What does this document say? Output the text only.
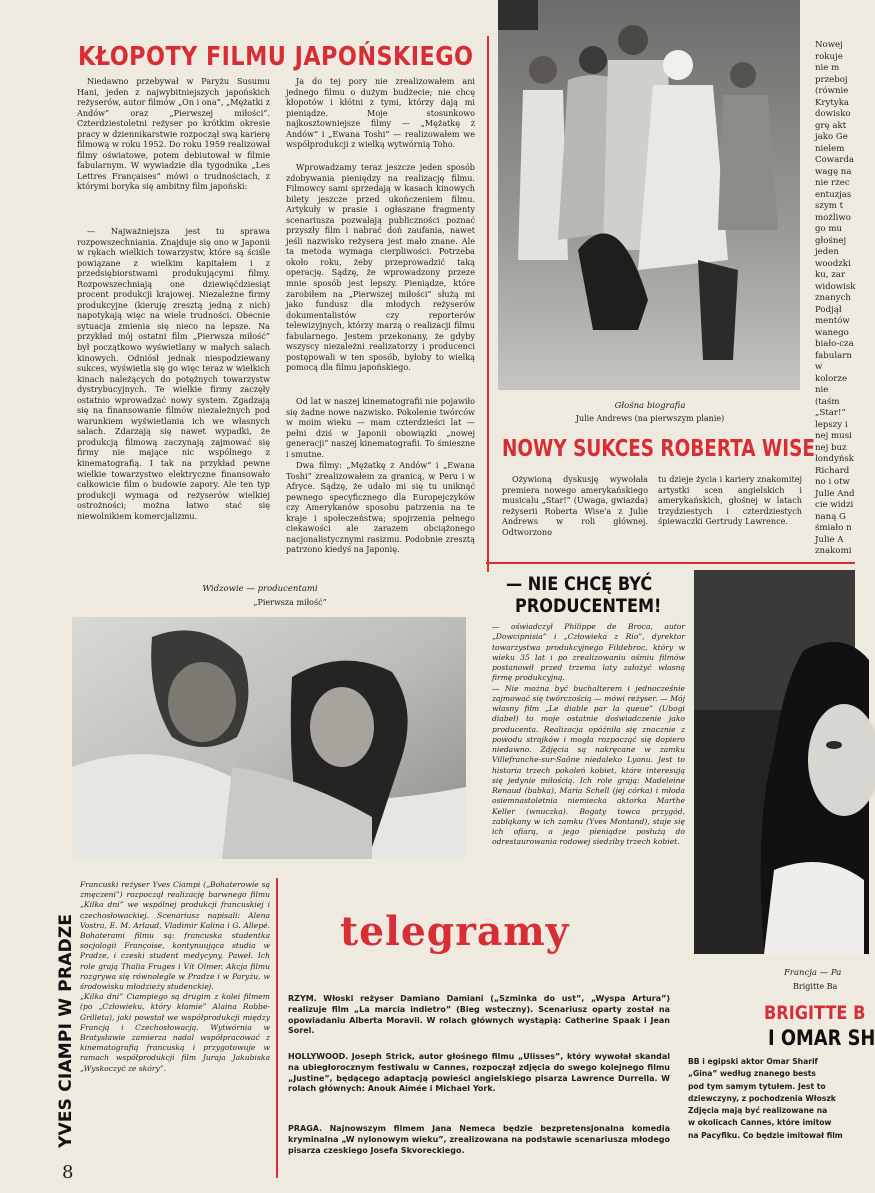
KŁOPOTY FILMU JAPOŃSKIEGO
Niedawno przebywał w Paryżu Susumu Hani, jeden z najwybitniejszych japońskich reżyserów, autor filmów „On i ona”, „Mężatki z Andów” oraz „Pierwszej miłości”. Czterdziestoletni reżyser po krótkim okresie pracy w dziennikarstwie rozpoczął swą karierę filmową w roku 1952. Do roku 1959 realizował filmy oświatowe, potem debiutował w filmie fabularnym. W wywiadzie dla tygodnika „Les Lettres Françaises” mówi o trudnościach, z którymi boryka się ambitny film japoński:
— Najważniejsza jest tu sprawa rozpowszechniania. Znajduje się ono w Japonii w rękach wielkich towarzystw, które są ściśle powiązane z wielkim kapitałem i z przedsiębiorstwami produkującymi filmy. Rozpowszechniają one dziewięćdziesiąt procent produkcji krajowej. Niezależne firmy produkcyjne (kieruję zresztą jedną z nich) napotykają więc na wiele trudności. Obecnie sytuacja zmienia się nieco na lepsze. Na przykład mój ostatni film „Pierwsza miłość” był początkowo wyświetlany w małych salach kinowych. Odniósł jednak niespodziewany sukces, wyświetla się go więc teraz w wielkich kinach należących do potężnych towarzystw dystrybucyjnych. Te wielkie firmy zaczęły ostatnio wprowadzać nowy system. Zgadzają się na finansowanie filmów niezależnych pod warunkiem wyświetlania ich we własnych salach. Zdarzają się nawet wypadki, że produkcją filmową zaczynają zajmować się firmy nie mające nic wspólnego z kinematografią. I tak na przykład pewne wielkie towarzystwo elektryczne finansowało całkowicie film o budowie zapory. Ale ten typ produkcji wymaga od reżyserów wielkiej ostrożności; można łatwo stać się niewolnikiem komercjalizmu.
Ja do tej pory nie zrealizowałem ani jednego filmu o dużym budżecie; nie chcę kłopotów i kłótni z tymi, którzy dają mi pieniądze. Moje stosunkowo najkosztowniejsze filmy — „Mężatkę z Andów” i „Ewana Toshi” — realizowałem we współprodukcji z wielką wytwórnią Toho.
Wprowadzamy teraz jeszcze jeden sposób zdobywania pieniędzy na realizację filmu. Filmowcy sami sprzedają w kasach kinowych bilety jeszcze przed ukończeniem filmu. Artykuły w prasie i ogłaszane fragmenty scenariusza pozwalają publiczności poznać przyszły film i nabrać doń zaufania, nawet jeśli nazwisko reżysera jest mało znane. Ale ta metoda wymaga cierpliwości. Potrzeba około roku, żeby przeprowadzić taką operację. Sądzę, że wprowadzony przeze mnie sposób jest lepszy. Pieniądze, które zarobiłem na „Pierwszej miłości” służą mi jako fundusz dla młodych reżyserów dokumentalistów czy reporterów telewizyjnych, którzy marzą o realizacji filmu fabularnego. Jestem przekonany, że gdyby wszyscy niezależni realizatorzy i producenci postępowali w ten sposób, byłoby to wielką pomocą dla filmu japońskiego.
Od lat w naszej kinematografii nie pojawiło się żadne nowe nazwisko. Pokolenie twórców w moim wieku — mam czterdzieści lat — pełni dziś w Japonii obowiązki „nowej generacji” naszej kinematografii. To śmieszne i smutne.
Dwa filmy: „Mężatkę z Andów” i „Ewana Toshi” zrealizowałem za granicą, w Peru i w Afryce. Sądzę, że udało mi się tu uniknąć pewnego specyficznego dla Europejczyków czy Amerykanów sposobu patrzenia na te kraje i społeczeństwa; spojrzenia pełnego ciekawości ale zarazem obciążonego nacjonalistycznymi rasizmu. Podobnie zresztą patrzono kiedyś na Japonię.
Widzowie — producentami
„Pierwsza miłość”
Głośna biografia
Julie Andrews (na pierwszym planie)
NOWY SUKCES ROBERTA WISE
Ożywioną dyskusję wywołała premiera nowego amerykańskiego musicalu „Star!” (Uwaga, gwiazda) reżyserii Roberta Wise'a z Julie Andrews w roli głównej. Odtworzono
tu dzieje życia i kariery znakomitej artystki scen angielskich i amerykańskich, głośnej w latach trzydziestych i czterdziestych śpiewaczki Gertrudy Lawrence.
Nowej
rokuje
nie m
przeboj
(równie
Krytyka
dowisko
grę akt
jako Ge
nielem
Cowarda
wagę na
nie rzec
entuzjas
szym t
możliwo
go mu
głośnej
jeden
woodzki
ku, zar
widowisk
znanych
Podjął
mentów
wanego
biało-cza
fabularn
w kolorze
nie (taśm
„Star!”
lepszy i
nej musi
nej buz
londyńsk
Richard
no i otw
Julie And
cie widzi
naną G
śmiało n
Julie A
znakomi
— NIE CHCĘ BYĆ
PRODUCENTEM!
— oświadczył Philippe de Broca, autor „Dowcipnisia” i „Człowieka z Rio”, dyrektor towarzystwa produkcyjnego Fildebroc, który w wieku 35 lat i po zrealizowaniu ośmiu filmów postanowił przed trzema laty założyć własną firmę produkcyjną.
— Nie można być buchalterem i jednocześnie zajmować się twórczością — mówi reżyser. — Mój własny film „Le diable par la queue” (Ubogi diabeł) to moje ostatnie doświadczenie jako producenta. Realizacja opóźniła się znacznie z powodu strajków i mogła rozpocząć się dopiero niedawno. Zdjęcia są nakręcane w zamku Villefranche-sur-Saône niedaleko Lyonu. Jest to historia trzech pokoleń kobiet, które interesują się jedynie miłością. Ich role grają: Madeleine Renaud (babka), Maria Schell (jej córka) i młoda osiemnastoletnia niemiecka aktorka Marthe Keller (wnuczka). Bogaty towca przygód, zabłąkany w ich zamku (Yves Montand), staje się ich ofiarą, a jego pieniądze posłużą do odrestaurowania rodowej siedziby trzech kobiet.
Francja — Pa
Brigitte Ba
BRIGITTE B
I OMAR SH
BB i egipski aktor Omar Sharif
„Gina” według znanego bests
pod tym samym tytułem. Jest to
dziewczyny, z pochodzenia Włoszk
Zdjęcia mają być realizowane na
w okolicach Cannes, które imitow
na Pacyfiku. Co będzie imitował film
YVES CIAMPI W PRADZE
Francuski reżyser Yves Ciampi („Bohaterowie są zmęczeni”) rozpoczął realizację barwnego filmu „Kilka dni” we wspólnej produkcji francuskiej i czechosłowackiej. Scenariusz napisali: Alena Vostra, E. M. Arlaud, Vladimir Kalina i G. Allepé. Bohaterami filmu są: francuska studentka socjologii Françoise, kontynuująca studia w Pradze, i czeski student medycyny, Paweł. Ich role grają Thalia Fruges i Vít Olmer. Akcja filmu rozgrywa się równolegle w Pradze i w Paryżu, w środowisku młodzieży studenckiej.
„Kilka dni” Ciampiego są drugim z kolei filmem (po „Człowieku, który kłamie” Alaina Robbe-Grilleta), jaki powstał we współprodukcji między Francją i Czechosłowacją. Wytwórnia w Bratysławie zamierza nadal współpracować z kinematografią francuską i przygotowuje w ramach współprodukcji film Juraja Jakubiska „Wyskoczyć ze skóry”.
telegramy
RZYM. Włoski reżyser Damiano Damiani („Szminka do ust”, „Wyspa Artura”) realizuje film „La marcia indietro” (Bieg wsteczny). Scenariusz oparty został na opowiadaniu Alberta Moravii. W rolach głównych wystąpią: Catherine Spaak i Jean Sorel.
HOLLYWOOD. Joseph Strick, autor głośnego filmu „Ulisses”, który wywołał skandal na ubiegłorocznym festiwalu w Cannes, rozpoczął zdjęcia do swego kolejnego filmu „Justine”, będącego adaptacją powieści angielskiego pisarza Lawrence Durrella. W rolach głównych: Anouk Aimée i Michael York.
PRAGA. Najnowszym filmem Jana Nemeca będzie bezpretensjonalna komedia kryminalna „W nylonowym wieku”, zrealizowana na podstawie scenariusza młodego pisarza czeskiego Josefa Skvoreckiego.
8
